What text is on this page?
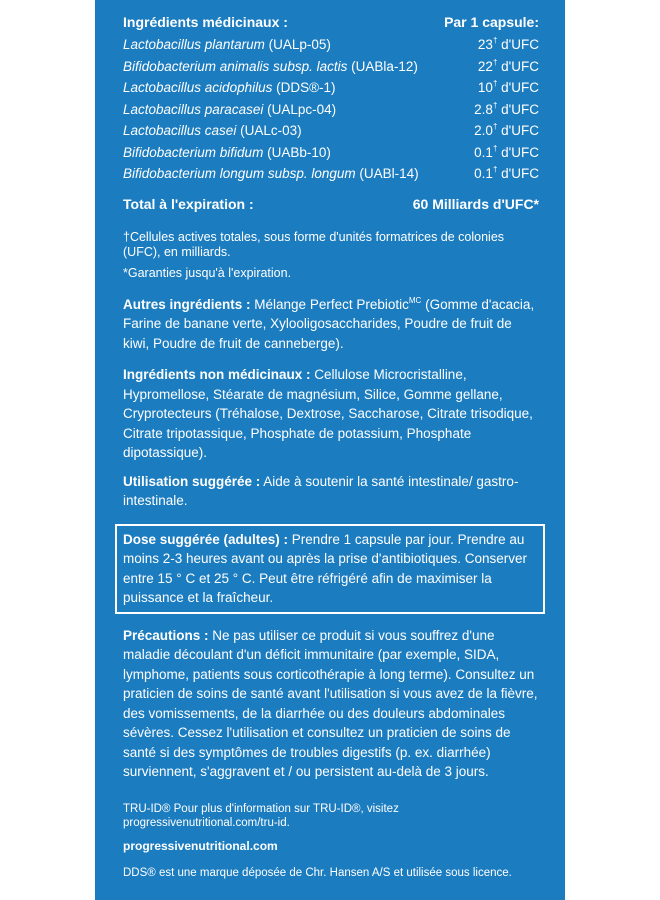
Ingrédients médicinaux :	Par 1 capsule:
Lactobacillus plantarum (UALp-05)	23† d'UFC
Bifidobacterium animalis subsp. lactis (UABla-12)	22† d'UFC
Lactobacillus acidophilus (DDS®-1)	10† d'UFC
Lactobacillus paracasei (UALpc-04)	2.8† d'UFC
Lactobacillus casei (UALc-03)	2.0† d'UFC
Bifidobacterium bifidum (UABb-10)	0.1† d'UFC
Bifidobacterium longum subsp. longum (UABl-14)	0.1† d'UFC
Total à l'expiration :	60 Milliards d'UFC*
†Cellules actives totales, sous forme d'unités formatrices de colonies (UFC), en milliards.
*Garanties jusqu'à l'expiration.
Autres ingrédients : Mélange Perfect Prebiotic$^{MC}$ (Gomme d'acacia, Farine de banane verte, Xylooligosaccharides, Poudre de fruit de kiwi, Poudre de fruit de canneberge).
Ingrédients non médicinaux : Cellulose Microcristalline, Hypromellose, Stéarate de magnésium, Silice, Gomme gellane, Cryprotecteurs (Tréhalose, Dextrose, Saccharose, Citrate trisodique, Citrate tripotassique, Phosphate de potassium, Phosphate dipotassique).
Utilisation suggérée : Aide à soutenir la santé intestinale/ gastro-intestinale.
Dose suggérée (adultes) : Prendre 1 capsule par jour. Prendre au moins 2-3 heures avant ou après la prise d'antibiotiques. Conserver entre 15 ° C et 25 ° C. Peut être réfrigéré afin de maximiser la puissance et la fraîcheur.
Précautions : Ne pas utiliser ce produit si vous souffrez d'une maladie découlant d'un déficit immunitaire (par exemple, SIDA, lymphome, patients sous corticothérapie à long terme). Consultez un praticien de soins de santé avant l'utilisation si vous avez de la fièvre, des vomissements, de la diarrhée ou des douleurs abdominales sévères. Cessez l'utilisation et consultez un praticien de soins de santé si des symptômes de troubles digestifs (p. ex. diarrhée) surviennent, s'aggravent et / ou persistent au-delà de 3 jours.
TRU-ID® Pour plus d'information sur TRU-ID®, visitez progressivenutritional.com/tru-id.
progressivenutritional.com
DDS® est une marque déposée de Chr. Hansen A/S et utilisée sous licence.
